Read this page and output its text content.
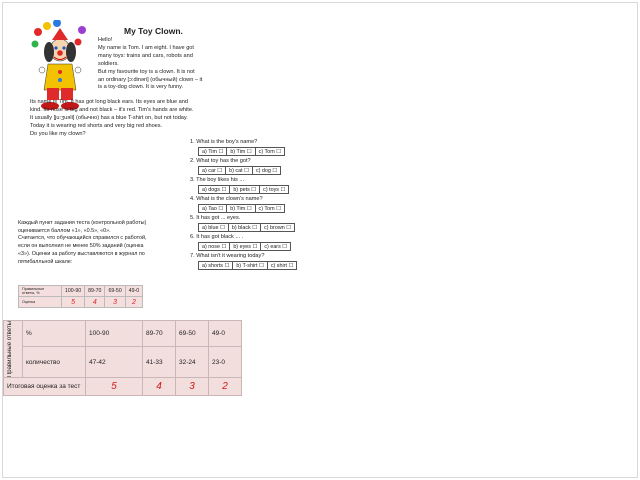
My Toy Clown.

Hello!

My name is Tom. I am eight. I have got

many toys: trains and cars, robots and

soldiers.

But my favourite toy is a clown. It is not

an ordinary [ɔ:dinəri] (обычный) clown – it

is a toy-dog clown. It is very funny.

Its name is Tim. It has got long black ears. Its eyes are blue and

kind. Its nose is big and not black – it's red. Tim's hands are white.

It usually [ju:ʒuəli] (обычно) has a blue T-shirt on, but not today.

Today it is wearing red shorts and very big red shoes.

Do you like my clown?

1. What is the boy's name?
a) Tim ☐	b) Tim ☐	c) Tom ☐
2. What toy has the got?
a) car ☐	b) cat ☐	c) dog ☐
3. The boy likes his ...
a) dogs ☐	b) pets ☐	c) toys ☐
4. What is the clown's name?
a) Tao ☐	b) Tim ☐	c) Tom ☐
5. It has got ... eyes.
a) blue ☐	b) black ☐	c) brown ☐
6. It has got black ... .
a) nose ☐	b) eyes ☐	c) ears ☐
7. What isn't it wearing today?
a) shorts ☐	b) T-shirt ☐	c) shirt ☐

Каждый пункт задания теста (контрольной работы)

оценивается баллом «1», «0.5», «0».

Считается, что обучающийся справился с работой,

если он выполнил не менее 50% заданий (оценка

«3»). Оценки за работу выставляются в журнал по

пятибалльной шкале:

Правильные ответы, %	100-90	89-70	69-50	49-0
Оценка	5	4	3	2
Правильные ответы	%	100-90	89-70	69-50	49-0
	количество	47-42	41-33	32-24	23-0
Итоговая оценка за тест		5	4	3	2
